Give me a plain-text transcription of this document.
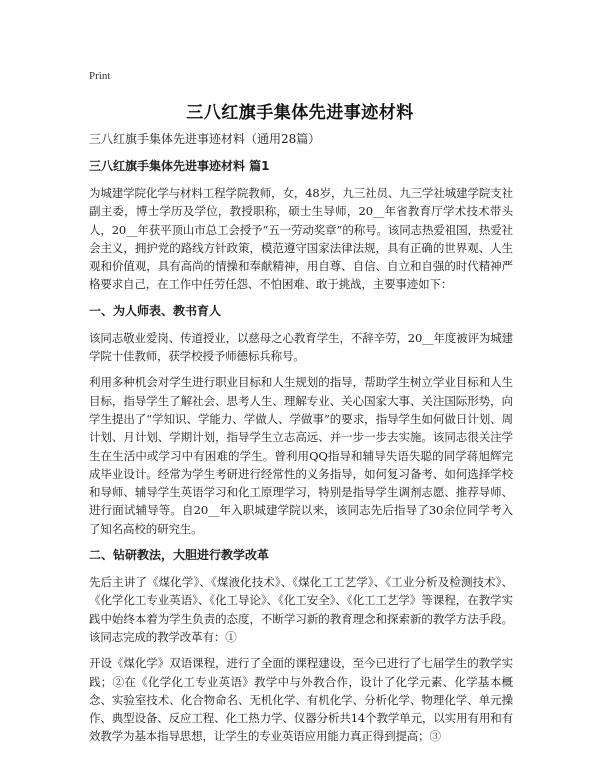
Print
三八红旗手集体先进事迹材料

三八红旗手集体先进事迹材料（通用28篇）

三八红旗手集体先进事迹材料 篇1

为城建学院化学与材料工程学院教师，女，48岁，九三社员、九三学社城建学院支社副主委，博士学历及学位，教授职称，硕士生导师，20__年省教育厅学术技术带头人，20__年获平顶山市总工会授予“五一劳动奖章”的称号。该同志热爱祖国，热爱社会主义，拥护党的路线方针政策，模范遵守国家法律法规，具有正确的世界观、人生观和价值观，具有高尚的情操和奉献精神，用自尊、自信、自立和自强的时代精神严格要求自己，在工作中任劳任怨、不怕困难、敢于挑战，主要事迹如下：

一、为人师表、教书育人

该同志敬业爱岗、传道授业，以慈母之心教育学生，不辞辛劳，20__年度被评为城建学院十佳教师，获学校授予师德标兵称号。

利用多种机会对学生进行职业目标和人生规划的指导，帮助学生树立学业目标和人生目标，指导学生了解社会、思考人生、理解专业、关心国家大事、关注国际形势，向学生提出了“学知识、学能力、学做人、学做事”的要求，指导学生如何做日计划、周计划、月计划、学期计划，指导学生立志高远、并一步一步去实施。该同志很关注学生在生活中或学习中有困难的学生。曾利用QQ指导和辅导失语失聪的同学蒋旭辉完成毕业设计。经常为学生考研进行经常性的义务指导，如何复习备考、如何选择学校和导师、辅导学生英语学习和化工原理学习，特别是指导学生调剂志愿、推荐导师、进行面试辅导等。自20__年入职城建学院以来，该同志先后指导了30余位同学考入了知名高校的研究生。

二、钻研教法，大胆进行教学改革

先后主讲了《煤化学》、《煤液化技术》、《煤化工工艺学》、《工业分析及检测技术》、《化学化工专业英语》、《化工导论》、《化工安全》、《化工工艺学》等课程，在教学实践中始终本着为学生负责的态度，不断学习新的教育理念和探索新的教学方法手段。该同志完成的教学改革有：①

开设《煤化学》双语课程，进行了全面的课程建设，至今已进行了七届学生的教学实践；②在《化学化工专业英语》教学中与外教合作，设计了化学元素、化学基本概念、实验室技术、化合物命名、无机化学、有机化学、分析化学、物理化学、单元操作、典型设备、反应工程、化工热力学、仪器分析共14个教学单元，以实用有用和有效教学为基本指导思想，让学生的专业英语应用能力真正得到提高；③
